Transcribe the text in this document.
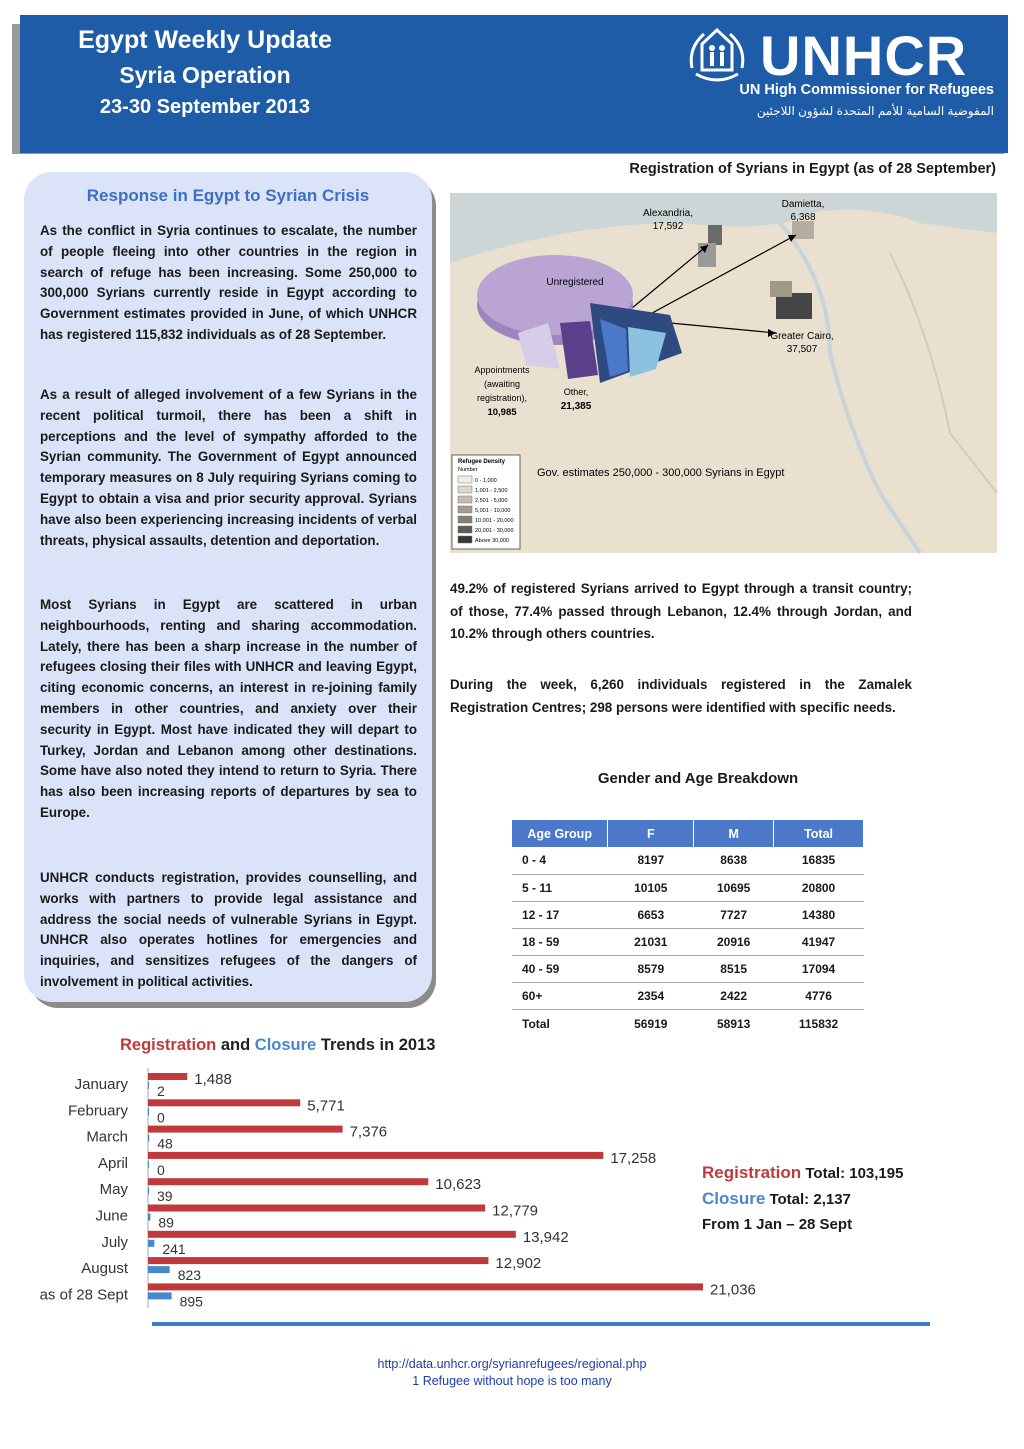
Egypt Weekly Update
Syria Operation
23-30 September 2013
UNHCR
UN High Commissioner for Refugees
المفوضية السامية للأمم المتحدة لشؤون اللاجئين
Response in Egypt to Syrian Crisis

As the conflict in Syria continues to escalate, the number of people fleeing into other countries in the region in search of refuge has been increasing. Some 250,000 to 300,000 Syrians currently reside in Egypt according to Government estimates provided in June, of which UNHCR has registered 115,832 individuals as of 28 September.

As a result of alleged involvement of a few Syrians in the recent political turmoil, there has been a shift in perceptions and the level of sympathy afforded to the Syrian community. The Government of Egypt announced temporary measures on 8 July requiring Syrians coming to Egypt to obtain a visa and prior security approval. Syrians have also been experiencing increasing incidents of verbal threats, physical assaults, detention and deportation.

Most Syrians in Egypt are scattered in urban neighbourhoods, renting and sharing accommodation. Lately, there has been a sharp increase in the number of refugees closing their files with UNHCR and leaving Egypt, citing economic concerns, an interest in re-joining family members in other countries, and anxiety over their security in Egypt. Most have indicated they will depart to Turkey, Jordan and Lebanon among other destinations. Some have also noted they intend to return to Syria. There has also been increasing reports of departures by sea to Europe.

UNHCR conducts registration, provides counselling, and works with partners to provide legal assistance and address the social needs of vulnerable Syrians in Egypt. UNHCR also operates hotlines for emergencies and inquiries, and sensitizes refugees of the dangers of involvement in political activities.

Registration of Syrians in Egypt (as of 28 September)
Alexandria,
17,592
Damietta,
6,368
Greater Cairo,
37,507
Unregistered
Appointments
(awaiting
registration),
10,985
Other,
21,385
Gov. estimates 250,000 - 300,000 Syrians in Egypt
Refugee Density
Number
0 - 1,000
1,001 - 2,500
2,501 - 5,000
5,001 - 10,000
10,001 - 20,000
20,001 - 30,000
Above 30,000

49.2% of registered Syrians arrived to Egypt through a transit country; of those, 77.4% passed through Lebanon, 12.4% through Jordan, and 10.2% through others countries.

During the week, 6,260 individuals registered in the Zamalek Registration Centres; 298 persons were identified with specific needs.

Gender and Age Breakdown
Age Group	F	M	Total
0 - 4	8197	8638	16835
5 - 11	10105	10695	20800
12 - 17	6653	7727	14380
18 - 59	21031	20916	41947
40 - 59	8579	8515	17094
60+	2354	2422	4776
Total	56919	58913	115832
Registration and Closure Trends in 2013
January	1,488
2
February	5,771
0
March	7,376
48
April	17,258
0
May	10,623
39
June	12,779
89
July	13,942
241
August	12,902
823
as of 28 Sept	21,036
895
Registration Total: 103,195
Closure Total: 2,137
From 1 Jan – 28 Sept
http://data.unhcr.org/syrianrefugees/regional.php
1 Refugee without hope is too many
